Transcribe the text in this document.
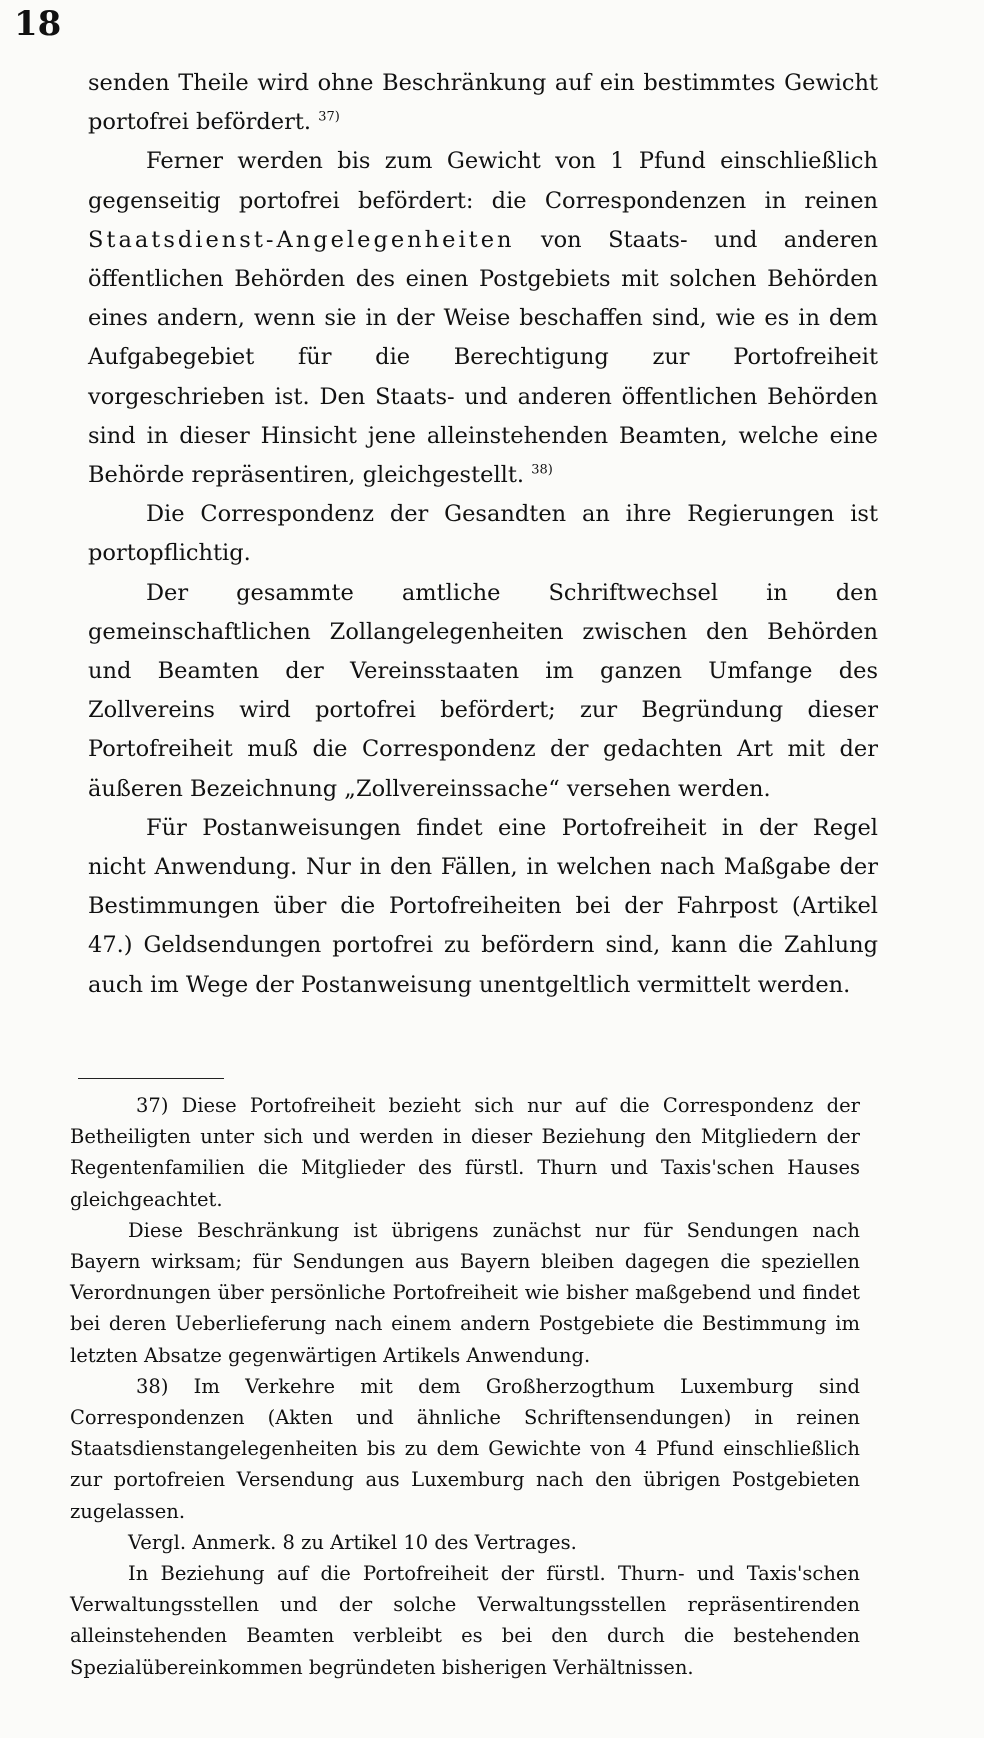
18

senden Theile wird ohne Beschränkung auf ein bestimmtes Gewicht portofrei befördert. $^{37)}$

Ferner werden bis zum Gewicht von 1 Pfund einschließlich gegenseitig portofrei befördert: die Correspondenzen in reinen Staatsdienst-Angelegenheiten von Staats- und anderen öffentlichen Behörden des einen Postgebiets mit solchen Behörden eines andern, wenn sie in der Weise beschaffen sind, wie es in dem Aufgabegebiet für die Berechtigung zur Portofreiheit vorgeschrieben ist. Den Staats- und anderen öffentlichen Behörden sind in dieser Hinsicht jene alleinstehenden Beamten, welche eine Behörde repräsentiren, gleichgestellt. $^{38)}$

Die Correspondenz der Gesandten an ihre Regierungen ist portopflichtig.

Der gesammte amtliche Schriftwechsel in den gemeinschaftlichen Zollangelegenheiten zwischen den Behörden und Beamten der Vereinsstaaten im ganzen Umfange des Zollvereins wird portofrei befördert; zur Begründung dieser Portofreiheit muß die Correspondenz der gedachten Art mit der äußeren Bezeichnung „Zollvereinssache“ versehen werden.

Für Postanweisungen findet eine Portofreiheit in der Regel nicht Anwendung. Nur in den Fällen, in welchen nach Maßgabe der Bestimmungen über die Portofreiheiten bei der Fahrpost (Artikel 47.) Geldsendungen portofrei zu befördern sind, kann die Zahlung auch im Wege der Postanweisung unentgeltlich vermittelt werden.

37) Diese Portofreiheit bezieht sich nur auf die Correspondenz der Betheiligten unter sich und werden in dieser Beziehung den Mitgliedern der Regentenfamilien die Mitglieder des fürstl. Thurn und Taxis'schen Hauses gleichgeachtet.

Diese Beschränkung ist übrigens zunächst nur für Sendungen nach Bayern wirksam; für Sendungen aus Bayern bleiben dagegen die speziellen Verordnungen über persönliche Portofreiheit wie bisher maßgebend und findet bei deren Ueberlieferung nach einem andern Postgebiete die Bestimmung im letzten Absatze gegenwärtigen Artikels Anwendung.

38) Im Verkehre mit dem Großherzogthum Luxemburg sind Correspondenzen (Akten und ähnliche Schriftensendungen) in reinen Staatsdienstangelegenheiten bis zu dem Gewichte von 4 Pfund einschließlich zur portofreien Versendung aus Luxemburg nach den übrigen Postgebieten zugelassen.

Vergl. Anmerk. 8 zu Artikel 10 des Vertrages.

In Beziehung auf die Portofreiheit der fürstl. Thurn- und Taxis'schen Verwaltungsstellen und der solche Verwaltungsstellen repräsentirenden alleinstehenden Beamten verbleibt es bei den durch die bestehenden Spezialübereinkommen begründeten bisherigen Verhältnissen.
